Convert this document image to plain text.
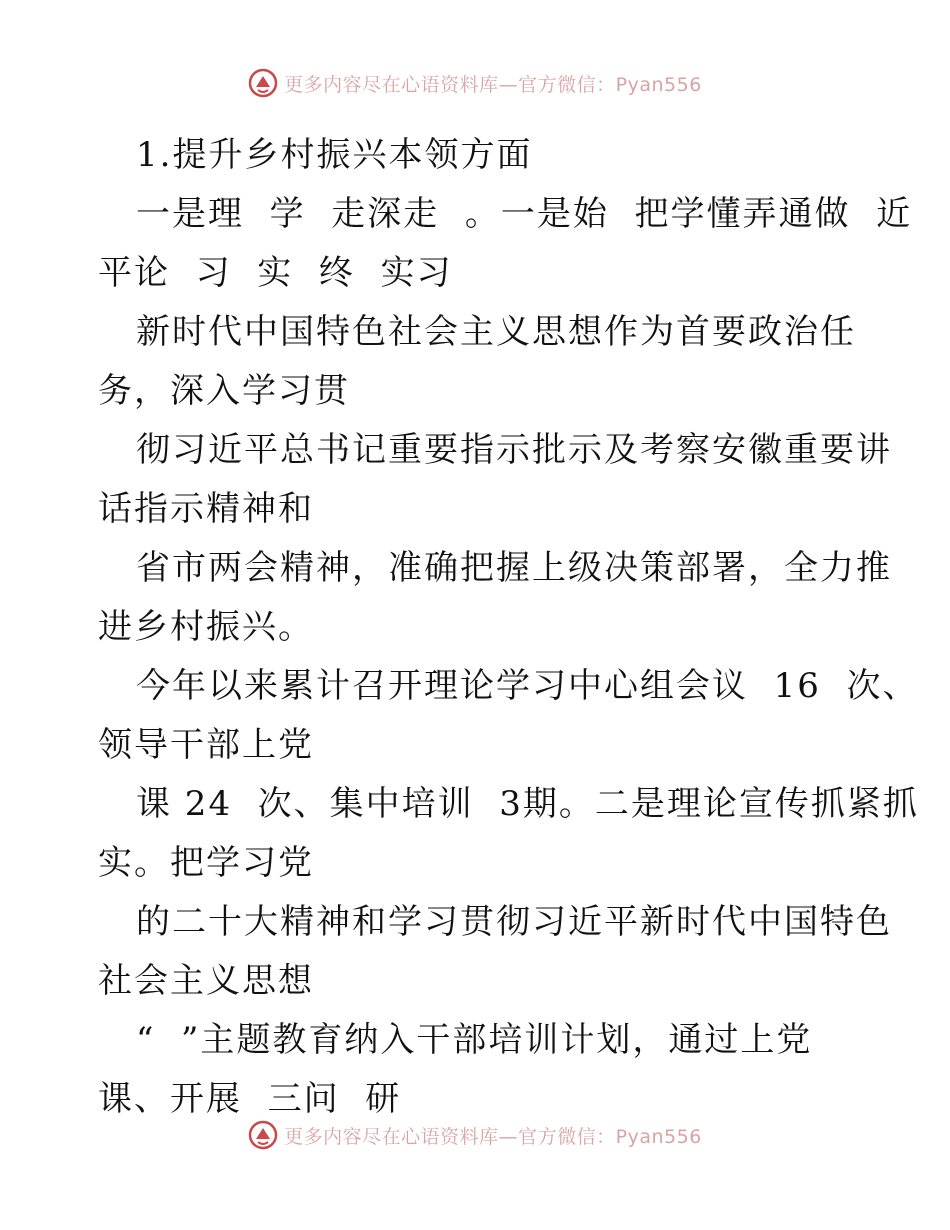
更多内容尽在心语资料库—官方微信：Pyan556
1.提升乡村振兴本领方面
一是理  学  走深走  。一是始  把学懂弄通做  近
平论  习  实  终  实习
新时代中国特色社会主义思想作为首要政治任
务，深入学习贯
彻习近平总书记重要指示批示及考察安徽重要讲
话指示精神和
省市两会精神，准确把握上级决策部署，全力推
进乡村振兴。
今年以来累计召开理论学习中心组会议  16  次、
领导干部上党
课 24  次、集中培训  3期。二是理论宣传抓紧抓
实。把学习党
的二十大精神和学习贯彻习近平新时代中国特色
社会主义思想
“  ”主题教育纳入干部培训计划，通过上党
课、开展  三问  研
更多内容尽在心语资料库—官方微信：Pyan556
